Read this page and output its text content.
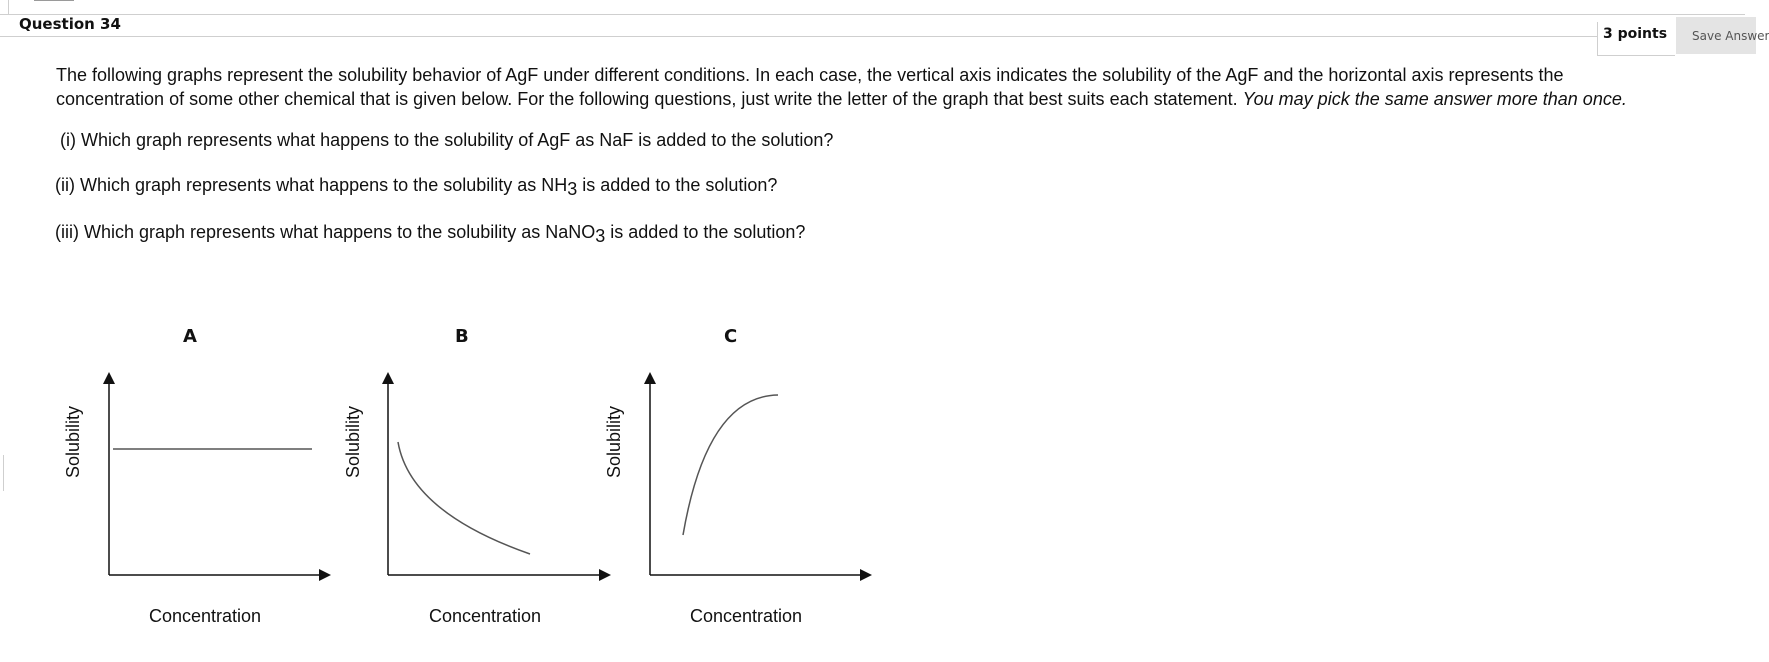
Question 34
3 points	Save Answer
The following graphs represent the solubility behavior of AgF under different conditions. In each case, the vertical axis indicates the solubility of the AgF and the horizontal axis represents the
concentration of some other chemical that is given below. For the following questions, just write the letter of the graph that best suits each statement. You may pick the same answer more than once.
(i) Which graph represents what happens to the solubility of AgF as NaF is added to the solution?
(ii) Which graph represents what happens to the solubility as NH3 is added to the solution?
(iii) Which graph represents what happens to the solubility as NaNO3 is added to the solution?
A	B	C
Solubility	Solubility	Solubility
Concentration	Concentration	Concentration
